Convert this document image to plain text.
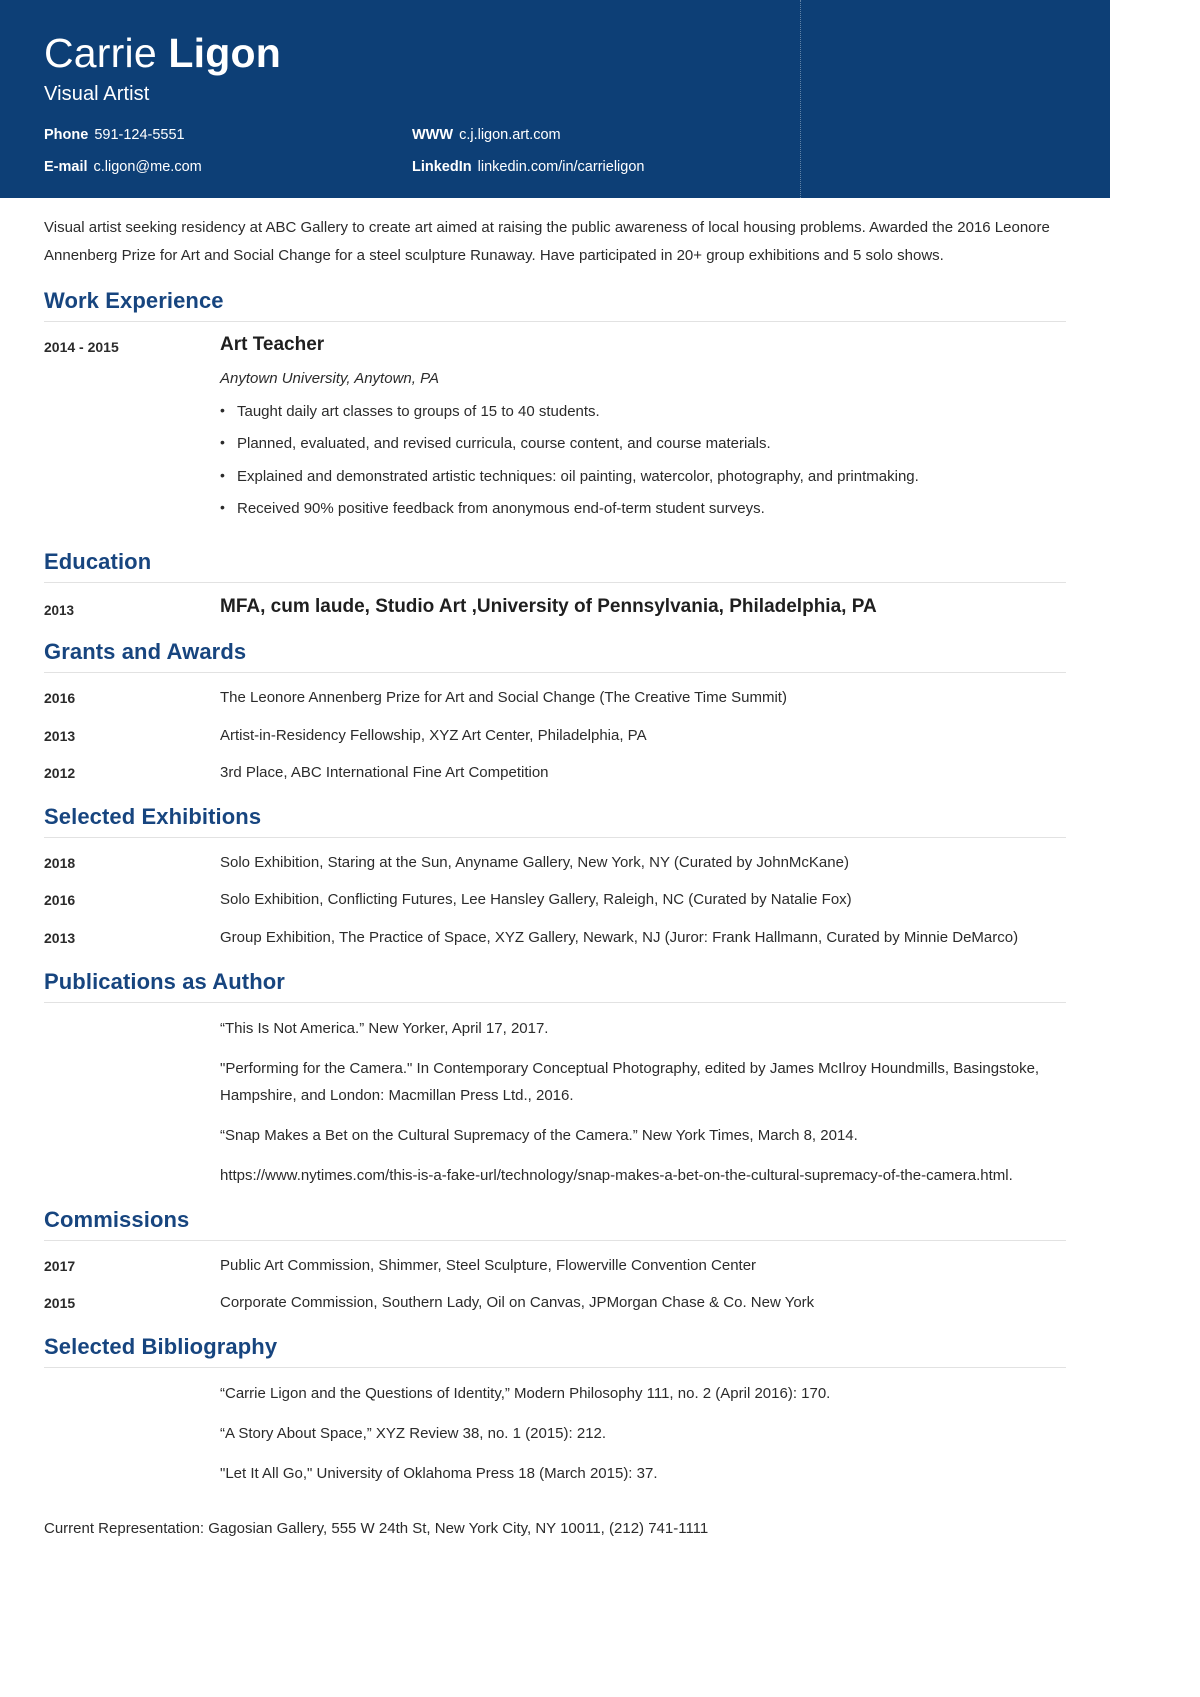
Carrie Ligon
Visual Artist
Phone 591-124-5551	WWW c.j.ligon.art.com
E-mail c.ligon@me.com	LinkedIn linkedin.com/in/carrieligon

Visual artist seeking residency at ABC Gallery to create art aimed at raising the public awareness of local housing problems. Awarded the 2016 Leonore Annenberg Prize for Art and Social Change for a steel sculpture Runaway. Have participated in 20+ group exhibitions and 5 solo shows.

Work Experience
2014 - 2015	Art Teacher
Anytown University, Anytown, PA
• Taught daily art classes to groups of 15 to 40 students.
• Planned, evaluated, and revised curricula, course content, and course materials.
• Explained and demonstrated artistic techniques: oil painting, watercolor, photography, and printmaking.
• Received 90% positive feedback from anonymous end-of-term student surveys.
Education
2013	MFA, cum laude, Studio Art ,University of Pennsylvania, Philadelphia, PA
Grants and Awards
2016	The Leonore Annenberg Prize for Art and Social Change (The Creative Time Summit)
2013	Artist-in-Residency Fellowship, XYZ Art Center, Philadelphia, PA
2012	3rd Place, ABC International Fine Art Competition
Selected Exhibitions
2018	Solo Exhibition, Staring at the Sun, Anyname Gallery, New York, NY (Curated by JohnMcKane)
2016	Solo Exhibition, Conflicting Futures, Lee Hansley Gallery, Raleigh, NC (Curated by Natalie Fox)
2013	Group Exhibition, The Practice of Space, XYZ Gallery, Newark, NJ (Juror: Frank Hallmann, Curated by Minnie DeMarco)
Publications as Author
“This Is Not America.” New Yorker, April 17, 2017.
"Performing for the Camera." In Contemporary Conceptual Photography, edited by James McIlroy Houndmills, Basingstoke, Hampshire, and London: Macmillan Press Ltd., 2016.
“Snap Makes a Bet on the Cultural Supremacy of the Camera.” New York Times, March 8, 2014.
https://www.nytimes.com/this-is-a-fake-url/technology/snap-makes-a-bet-on-the-cultural-supremacy-of-the-camera.html.
Commissions
2017	Public Art Commission, Shimmer, Steel Sculpture, Flowerville Convention Center
2015	Corporate Commission, Southern Lady, Oil on Canvas, JPMorgan Chase & Co. New York
Selected Bibliography
“Carrie Ligon and the Questions of Identity,” Modern Philosophy 111, no. 2 (April 2016): 170.
“A Story About Space,” XYZ Review 38, no. 1 (2015): 212.
"Let It All Go," University of Oklahoma Press 18 (March 2015): 37.
Current Representation: Gagosian Gallery, 555 W 24th St, New York City, NY 10011, (212) 741-1111
